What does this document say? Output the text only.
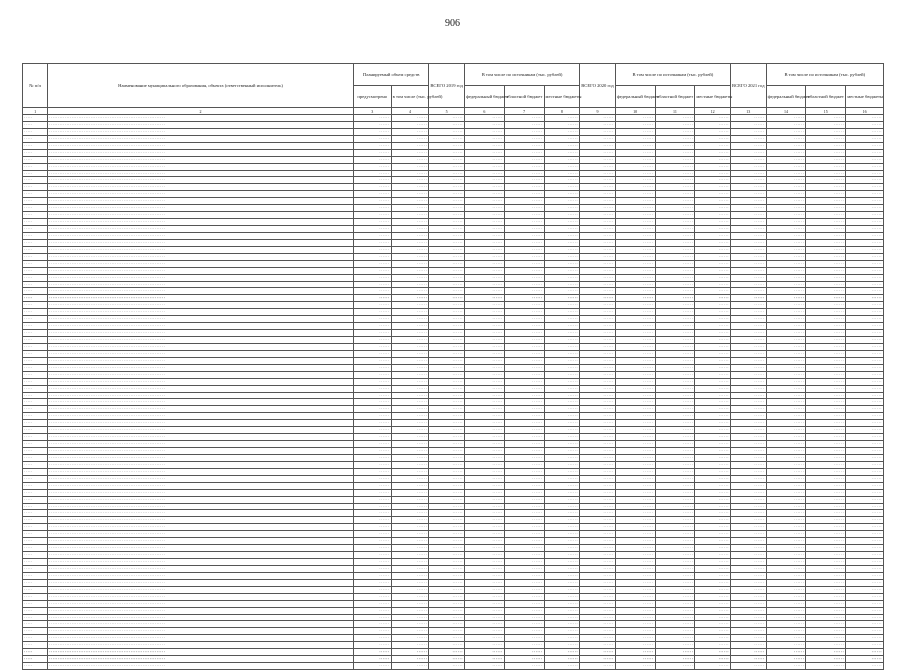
906
№ п/п	Наименование муниципального образования, объекта (ответственный исполнитель)	Планируемый объем средств		ВСЕГО 2019 год	В том числе по источникам (тыс. рублей)			ВСЕГО 2020 год	В том числе по источникам (тыс. рублей)			ВСЕГО 2021 год	В том числе по источникам (тыс. рублей)		
		предусмотрено	в том числе (тыс. рублей)		федеральный бюджет	областной бюджет	местные бюджеты		федеральный бюджет	областной бюджет	местные бюджеты		федеральный бюджет	областной бюджет	местные бюджеты
1	2	3	4	5	6	7	8	9	10	11	12	13	14	15	16
·····	···································································	······	······	······	······	······	······	······	······	······	······	······	······	······	······
·····	···································································	······	······	······	······	······	······	······	······	······	······	······	······	······	······
·····	···································································	······	······	······	······	······	······	······	······	······	······	······	······	······	······
·····	···································································	······	······	······	······	······	······	······	······	······	······	······	······	······	······
·····	···································································	······	······	······	······	······	······	······	······	······	······	······	······	······	······
·····	···································································	······	······	······	······	······	······	······	······	······	······	······	······	······	······
·····	···································································	······	······	······	······	······	······	······	······	······	······	······	······	······	······
·····	···································································	······	······	······	······	······	······	······	······	······	······	······	······	······	······
·····	···································································	······	······	······	······	······	······	······	······	······	······	······	······	······	······
·····	···································································	······	······	······	······	······	······	······	······	······	······	······	······	······	······
·····	···································································	······	······	······	······	······	······	······	······	······	······	······	······	······	······
·····	···································································	······	······	······	······	······	······	······	······	······	······	······	······	······	······
·····	···································································	······	······	······	······	······	······	······	······	······	······	······	······	······	······
·····	···································································	······	······	······	······	······	······	······	······	······	······	······	······	······	······
·····	···································································	······	······	······	······	······	······	······	······	······	······	······	······	······	······
·····	···································································	······	······	······	······	······	······	······	······	······	······	······	······	······	······
·····	···································································	······	······	······	······	······	······	······	······	······	······	······	······	······	······
·····	···································································	······	······	······	······	······	······	······	······	······	······	······	······	······	······
·····	···································································	······	······	······	······	······	······	······	······	······	······	······	······	······	······
·····	···································································	······	······	······	······	······	······	······	······	······	······	······	······	······	······
·····	···································································	······	······	······	······	······	······	······	······	······	······	······	······	······	······
·····	···································································	······	······	······	······	······	······	······	······	······	······	······	······	······	······
·····	···································································	······	······	······	······	······	······	······	······	······	······	······	······	······	······
·····	···································································	······	······	······	······	······	······	······	······	······	······	······	······	······	······
·····	···································································	······	······	······	······	······	······	······	······	······	······	······	······	······	······
·····	···································································	······	······	······	······	······	······	······	······	······	······	······	······	······	······
·····	···································································	······	······	······	······	······	······	······	······	······	······	······	······	······	······
·····	···································································	······	······	······	······	······	······	······	······	······	······	······	······	······	······
·····	···································································	······	······	······	······	······	······	······	······	······	······	······	······	······	······
·····	···································································	······	······	······	······	······	······	······	······	······	······	······	······	······	······
·····	···································································	······	······	······	······	······	······	······	······	······	······	······	······	······	······
·····	···································································	······	······	······	······	······	······	······	······	······	······	······	······	······	······
·····	···································································	······	······	······	······	······	······	······	······	······	······	······	······	······	······
·····	···································································	······	······	······	······	······	······	······	······	······	······	······	······	······	······
·····	···································································	······	······	······	······	······	······	······	······	······	······	······	······	······	······
·····	···································································	······	······	······	······	······	······	······	······	······	······	······	······	······	······
·····	···································································	······	······	······	······	······	······	······	······	······	······	······	······	······	······
·····	···································································	······	······	······	······	······	······	······	······	······	······	······	······	······	······
·····	···································································	······	······	······	······	······	······	······	······	······	······	······	······	······	······
·····	···································································	······	······	······	······	······	······	······	······	······	······	······	······	······	······
·····	···································································	······	······	······	······	······	······	······	······	······	······	······	······	······	······
·····	···································································	······	······	······	······	······	······	······	······	······	······	······	······	······	······
·····	···································································	······	······	······	······	······	······	······	······	······	······	······	······	······	······
·····	···································································	······	······	······	······	······	······	······	······	······	······	······	······	······	······
·····	···································································	······	······	······	······	······	······	······	······	······	······	······	······	······	······
·····	···································································	······	······	······	······	······	······	······	······	······	······	······	······	······	······
·····	···································································	······	······	······	······	······	······	······	······	······	······	······	······	······	······
·····	···································································	······	······	······	······	······	······	······	······	······	······	······	······	······	······
·····	···································································	······	······	······	······	······	······	······	······	······	······	······	······	······	······
·····	···································································	······	······	······	······	······	······	······	······	······	······	······	······	······	······
·····	···································································	······	······	······	······	······	······	······	······	······	······	······	······	······	······
·····	···································································	······	······	······	······	······	······	······	······	······	······	······	······	······	······
·····	···································································	······	······	······	······	······	······	······	······	······	······	······	······	······	······
·····	···································································	······	······	······	······	······	······	······	······	······	······	······	······	······	······
·····	···································································	······	······	······	······	······	······	······	······	······	······	······	······	······	······
·····	···································································	······	······	······	······	······	······	······	······	······	······	······	······	······	······
·····	···································································	······	······	······	······	······	······	······	······	······	······	······	······	······	······
·····	···································································	······	······	······	······	······	······	······	······	······	······	······	······	······	······
·····	···································································	······	······	······	······	······	······	······	······	······	······	······	······	······	······
·····	···································································	······	······	······	······	······	······	······	······	······	······	······	······	······	······
·····	···································································	······	······	······	······	······	······	······	······	······	······	······	······	······	······
·····	···································································	······	······	······	······	······	······	······	······	······	······	······	······	······	······
·····	···································································	······	······	······	······	······	······	······	······	······	······	······	······	······	······
·····	···································································	······	······	······	······	······	······	······	······	······	······	······	······	······	······
·····	···································································	······	······	······	······	······	······	······	······	······	······	······	······	······	······
·····	···································································	······	······	······	······	······	······	······	······	······	······	······	······	······	······
·····	···································································	······	······	······	······	······	······	······	······	······	······	······	······	······	······
·····	···································································	······	······	······	······	······	······	······	······	······	······	······	······	······	······
·····	···································································	······	······	······	······	······	······	······	······	······	······	······	······	······	······
·····	···································································	······	······	······	······	······	······	······	······	······	······	······	······	······	······
·····	···································································	······	······	······	······	······	······	······	······	······	······	······	······	······	······
·····	···································································	······	······	······	······	······	······	······	······	······	······	······	······	······	······
·····	···································································	······	······	······	······	······	······	······	······	······	······	······	······	······	······
·····	···································································	······	······	······	······	······	······	······	······	······	······	······	······	······	······
·····	···································································	······	······	······	······	······	······	······	······	······	······	······	······	······	······
·····	···································································	······	······	······	······	······	······	······	······	······	······	······	······	······	······
·····	···································································	······	······	······	······	······	······	······	······	······	······	······	······	······	······
·····	···································································	······	······	······	······	······	······	······	······	······	······	······	······	······	······
·····	···································································	······	······	······	······	······	······	······	······	······	······	······	······	······	······
·····	···································································	······	······	······	······	······	······	······	······	······	······	······	······	······	······
